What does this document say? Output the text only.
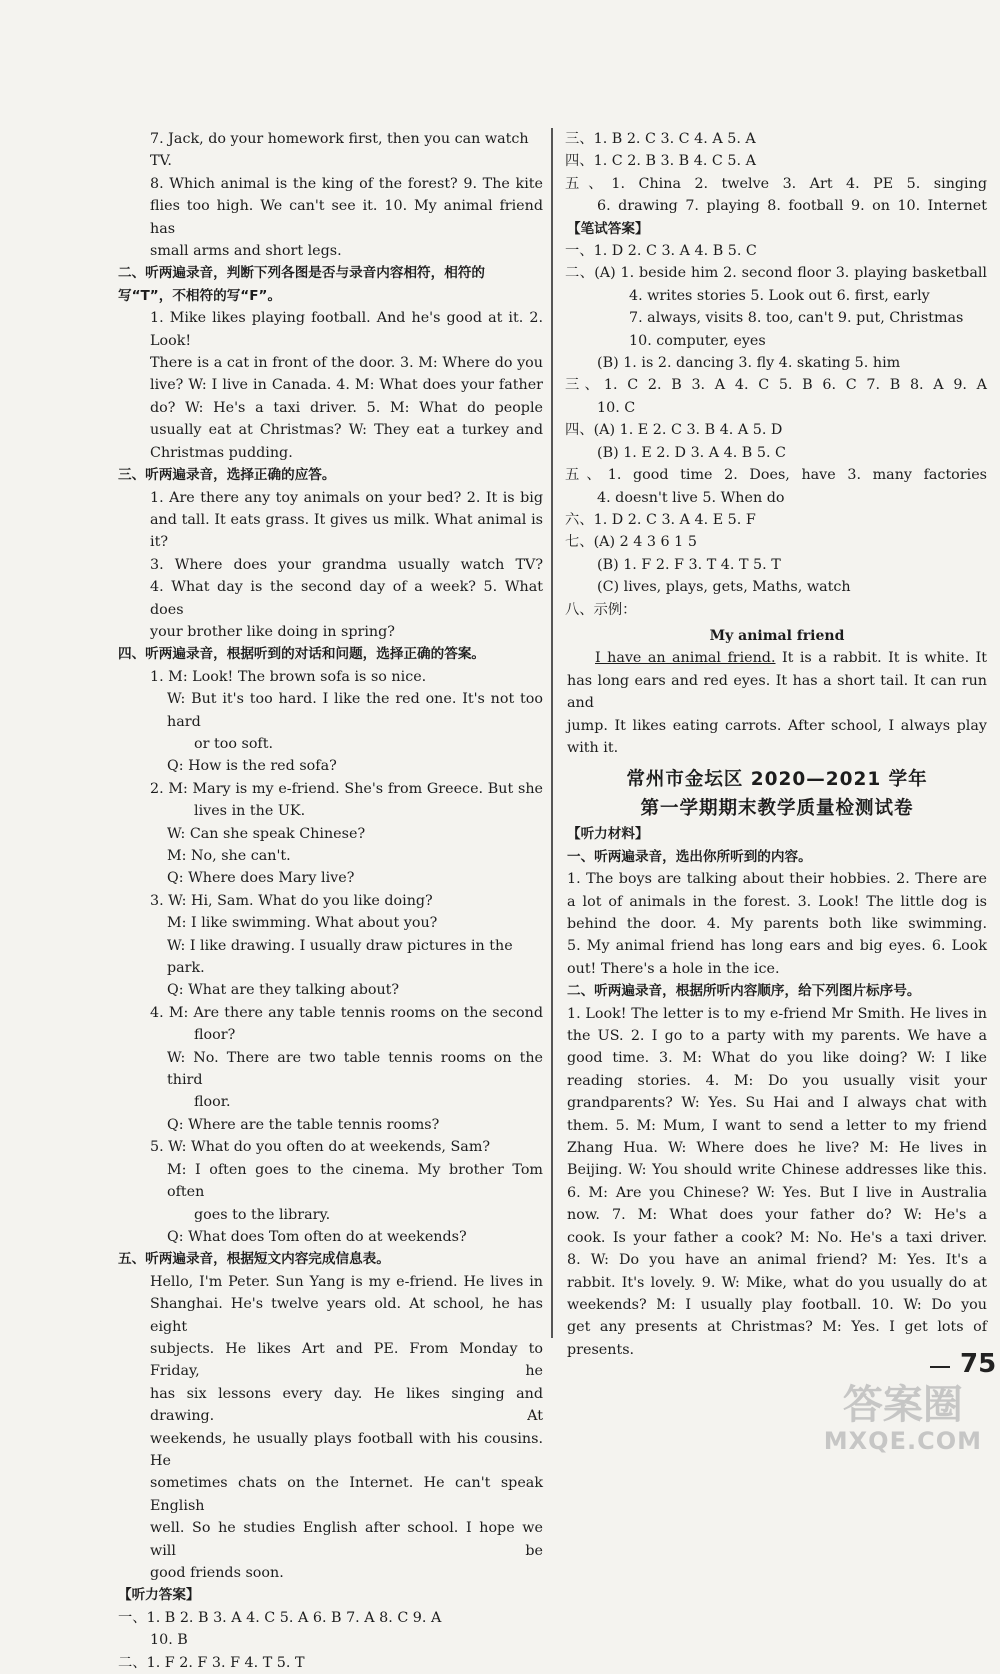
7. Jack, do your homework first, then you can watch TV.

8. Which animal is the king of the forest? 9. The kite

flies too high. We can't see it. 10. My animal friend has

small arms and short legs.

二、听两遍录音，判断下列各图是否与录音内容相符，相符的

写“T”，不相符的写“F”。

1. Mike likes playing football. And he's good at it. 2. Look!

There is a cat in front of the door. 3. M: Where do you

live? W: I live in Canada. 4. M: What does your father

do? W: He's a taxi driver. 5. M: What do people

usually eat at Christmas? W: They eat a turkey and

Christmas pudding.

三、听两遍录音，选择正确的应答。

1. Are there any toy animals on your bed? 2. It is big

and tall. It eats grass. It gives us milk. What animal is it?

3. Where does your grandma usually watch TV?

4. What day is the second day of a week? 5. What does

your brother like doing in spring?

四、听两遍录音，根据听到的对话和问题，选择正确的答案。

1. M: Look! The brown sofa is so nice.

W: But it's too hard. I like the red one. It's not too hard

or too soft.

Q: How is the red sofa?

2. M: Mary is my e-friend. She's from Greece. But she

lives in the UK.

W: Can she speak Chinese?

M: No, she can't.

Q: Where does Mary live?

3. W: Hi, Sam. What do you like doing?

M: I like swimming. What about you?

W: I like drawing. I usually draw pictures in the park.

Q: What are they talking about?

4. M: Are there any table tennis rooms on the second

floor?

W: No. There are two table tennis rooms on the third

floor.

Q: Where are the table tennis rooms?

5. W: What do you often do at weekends, Sam?

M: I often goes to the cinema. My brother Tom often

goes to the library.

Q: What does Tom often do at weekends?

五、听两遍录音，根据短文内容完成信息表。

Hello, I'm Peter. Sun Yang is my e-friend. He lives in

Shanghai. He's twelve years old. At school, he has eight

subjects. He likes Art and PE. From Monday to Friday, he

has six lessons every day. He likes singing and drawing. At

weekends, he usually plays football with his cousins. He

sometimes chats on the Internet. He can't speak English

well. So he studies English after school. I hope we will be

good friends soon.

【听力答案】

一、1. B 2. B 3. A 4. C 5. A 6. B 7. A 8. C 9. A

10. B

二、1. F 2. F 3. F 4. T 5. T

三、1. B 2. C 3. C 4. A 5. A

四、1. C 2. B 3. B 4. C 5. A

五、1. China 2. twelve 3. Art 4. PE 5. singing

6. drawing 7. playing 8. football 9. on 10. Internet

【笔试答案】

一、1. D 2. C 3. A 4. B 5. C

二、(A) 1. beside him 2. second floor 3. playing basketball

4. writes stories 5. Look out 6. first, early

7. always, visits 8. too, can't 9. put, Christmas

10. computer, eyes

(B) 1. is 2. dancing 3. fly 4. skating 5. him

三、1. C 2. B 3. A 4. C 5. B 6. C 7. B 8. A 9. A

10. C

四、(A) 1. E 2. C 3. B 4. A 5. D

(B) 1. E 2. D 3. A 4. B 5. C

五、1. good time 2. Does, have 3. many factories

4. doesn't live 5. When do

六、1. D 2. C 3. A 4. E 5. F

七、(A) 2 4 3 6 1 5

(B) 1. F 2. F 3. T 4. T 5. T

(C) lives, plays, gets, Maths, watch

八、示例：

My animal friend

I have an animal friend. It is a rabbit. It is white. It

has long ears and red eyes. It has a short tail. It can run and

jump. It likes eating carrots. After school, I always play

with it.

常州市金坛区 2020—2021 学年

第一学期期末教学质量检测试卷

【听力材料】

一、听两遍录音，选出你所听到的内容。

1. The boys are talking about their hobbies. 2. There are

a lot of animals in the forest. 3. Look! The little dog is

behind the door. 4. My parents both like swimming.

5. My animal friend has long ears and big eyes. 6. Look

out! There's a hole in the ice.

二、听两遍录音，根据所听内容顺序，给下列图片标序号。

1. Look! The letter is to my e-friend Mr Smith. He lives in

the US. 2. I go to a party with my parents. We have a

good time. 3. M: What do you like doing? W: I like

reading stories. 4. M: Do you usually visit your

grandparents? W: Yes. Su Hai and I always chat with

them. 5. M: Mum, I want to send a letter to my friend

Zhang Hua. W: Where does he live? M: He lives in

Beijing. W: You should write Chinese addresses like this.

6. M: Are you Chinese? W: Yes. But I live in Australia

now. 7. M: What does your father do? W: He's a

cook. Is your father a cook? M: No. He's a taxi driver.

8. W: Do you have an animal friend? M: Yes. It's a

rabbit. It's lovely. 9. W: Mike, what do you usually do at

weekends? M: I usually play football. 10. W: Do you

get any presents at Christmas? M: Yes. I get lots of

presents.	75
答案圈
MXQE.COM
